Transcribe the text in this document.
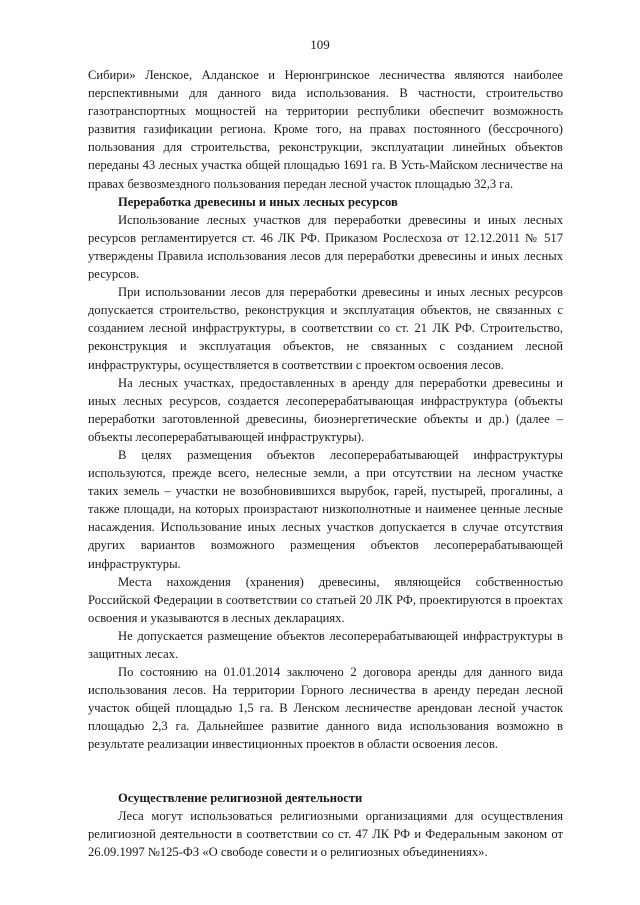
109

Сибири» Ленское, Алданское и Нерюнгринское лесничества являются наиболее перспективными для данного вида использования. В частности, строительство газотранспортных мощностей на территории республики обеспечит возможность развития газификации региона. Кроме того, на правах постоянного (бессрочного) пользования для строительства, реконструкции, эксплуатации линейных объектов переданы 43 лесных участка общей площадью 1691 га. В Усть-Майском лесничестве на правах безвозмездного пользования передан лесной участок площадью 32,3 га.

Переработка древесины и иных лесных ресурсов

Использование лесных участков для переработки древесины и иных лесных ресурсов регламентируется ст. 46 ЛК РФ. Приказом Рослесхоза от 12.12.2011 № 517 утверждены Правила использования лесов для переработки древесины и иных лесных ресурсов.

При использовании лесов для переработки древесины и иных лесных ресурсов допускается строительство, реконструкция и эксплуатация объектов, не связанных с созданием лесной инфраструктуры, в соответствии со ст. 21 ЛК РФ. Строительство, реконструкция и эксплуатация объектов, не связанных с созданием лесной инфраструктуры, осуществляется в соответствии с проектом освоения лесов.

На лесных участках, предоставленных в аренду для переработки древесины и иных лесных ресурсов, создается лесоперерабатывающая инфраструктура (объекты переработки заготовленной древесины, биоэнергетические объекты и др.) (далее – объекты лесоперерабатывающей инфраструктуры).

В целях размещения объектов лесоперерабатывающей инфраструктуры используются, прежде всего, нелесные земли, а при отсутствии на лесном участке таких земель – участки не возобновившихся вырубок, гарей, пустырей, прогалины, а также площади, на которых произрастают низкополнотные и наименее ценные лесные насаждения. Использование иных лесных участков допускается в случае отсутствия других вариантов возможного размещения объектов лесоперерабатывающей инфраструктуры.

Места нахождения (хранения) древесины, являющейся собственностью Российской Федерации в соответствии со статьей 20 ЛК РФ, проектируются в проектах освоения и указываются в лесных декларациях.

Не допускается размещение объектов лесоперерабатывающей инфраструктуры в защитных лесах.

По состоянию на 01.01.2014 заключено 2 договора аренды для данного вида использования лесов. На территории Горного лесничества в аренду передан лесной участок общей площадью 1,5 га. В Ленском лесничестве арендован лесной участок площадью 2,3 га. Дальнейшее развитие данного вида использования возможно в результате реализации инвестиционных проектов в области освоения лесов.

Осуществление религиозной деятельности

Леса могут использоваться религиозными организациями для осуществления религиозной деятельности в соответствии со ст. 47 ЛК РФ и Федеральным законом от 26.09.1997 №125-ФЗ «О свободе совести и о религиозных объединениях».
